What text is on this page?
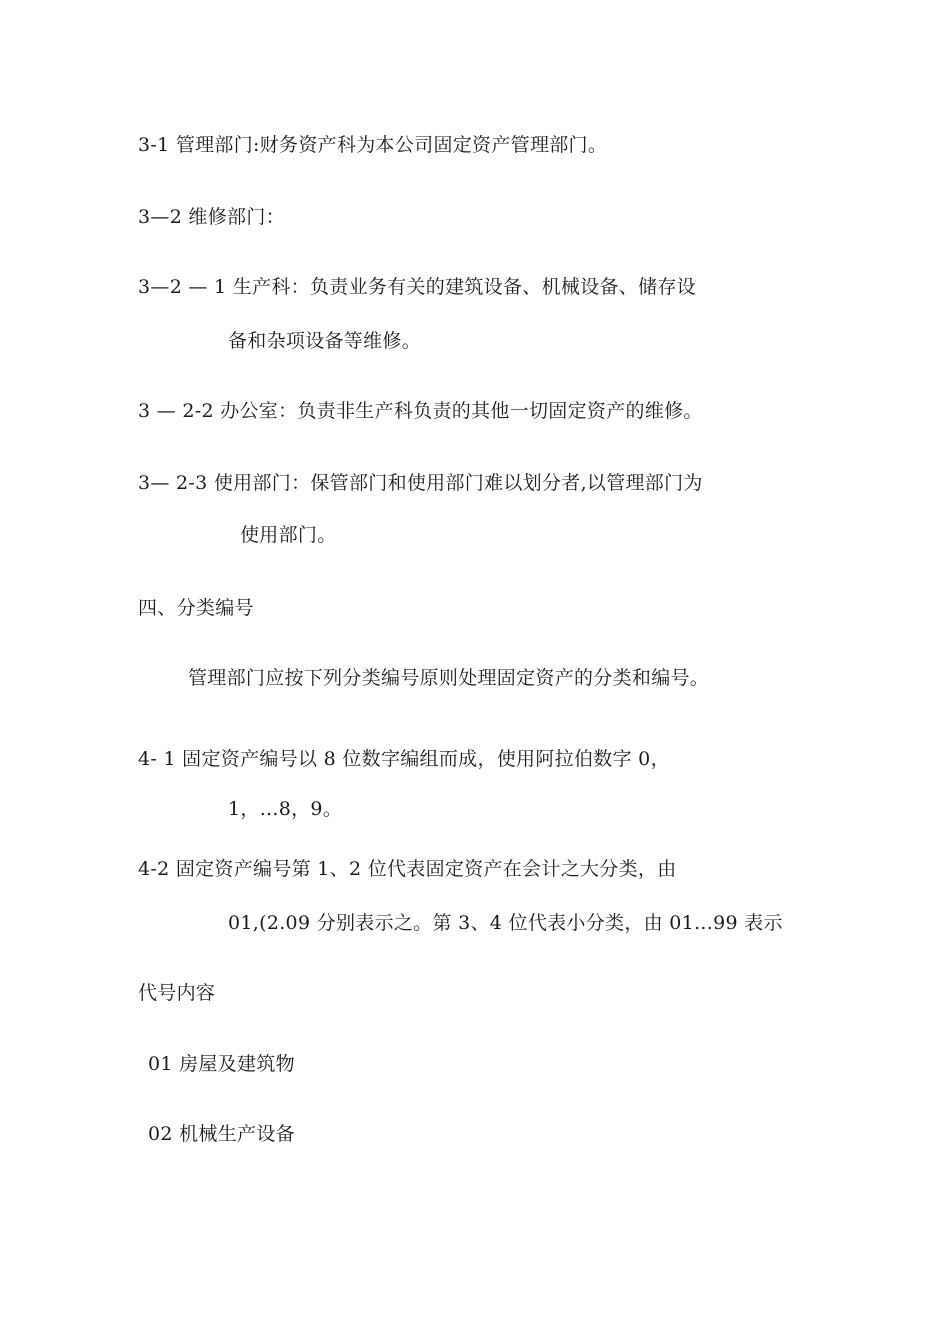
3-1 管理部门:财务资产科为本公司固定资产管理部门。
3—2 维修部门：
3—2 — 1 生产科：负责业务有关的建筑设备、机械设备、储存设
备和杂项设备等维修。
3 — 2-2 办公室：负责非生产科负责的其他一切固定资产的维修。
3— 2-3 使用部门：保管部门和使用部门难以划分者,以管理部门为
使用部门。
四、分类编号
管理部门应按下列分类编号原则处理固定资产的分类和编号。
4- 1 固定资产编号以 8 位数字编组而成，使用阿拉伯数字 0，
1，...8，9。
4-2 固定资产编号第 1、2 位代表固定资产在会计之大分类，由
01,(2.09 分别表示之。第 3、4 位代表小分类，由 01...99 表示
代号内容
01 房屋及建筑物
02 机械生产设备
